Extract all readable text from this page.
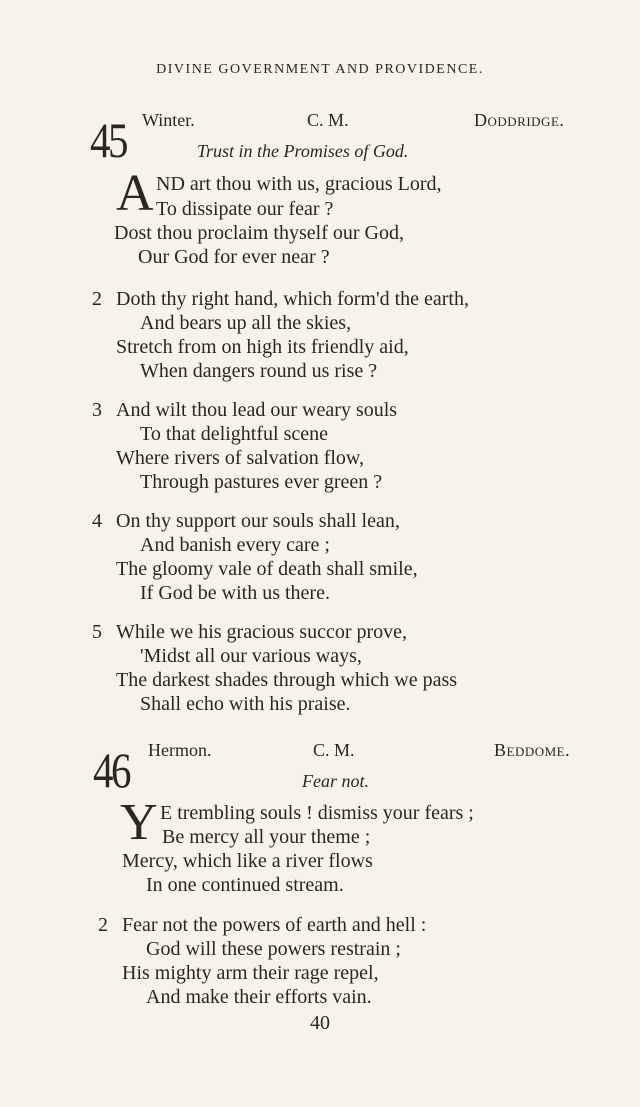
DIVINE GOVERNMENT AND PROVIDENCE.
45 Winter.	C. M.	Doddridge.
Trust in the Promises of God.
A ND art thou with us, gracious Lord,
To dissipate our fear ?
Dost thou proclaim thyself our God,
Our God for ever near ?
2 Doth thy right hand, which form'd the earth,
And bears up all the skies,
Stretch from on high its friendly aid,
When dangers round us rise ?
3 And wilt thou lead our weary souls
To that delightful scene
Where rivers of salvation flow,
Through pastures ever green ?
4 On thy support our souls shall lean,
And banish every care ;
The gloomy vale of death shall smile,
If God be with us there.
5 While we his gracious succor prove,
'Midst all our various ways,
The darkest shades through which we pass
Shall echo with his praise.
46 Hermon.	C. M.	Beddome.
Fear not.
Y E trembling souls ! dismiss your fears ;
Be mercy all your theme ;
Mercy, which like a river flows
In one continued stream.
2 Fear not the powers of earth and hell :
God will these powers restrain ;
His mighty arm their rage repel,
And make their efforts vain.
40
